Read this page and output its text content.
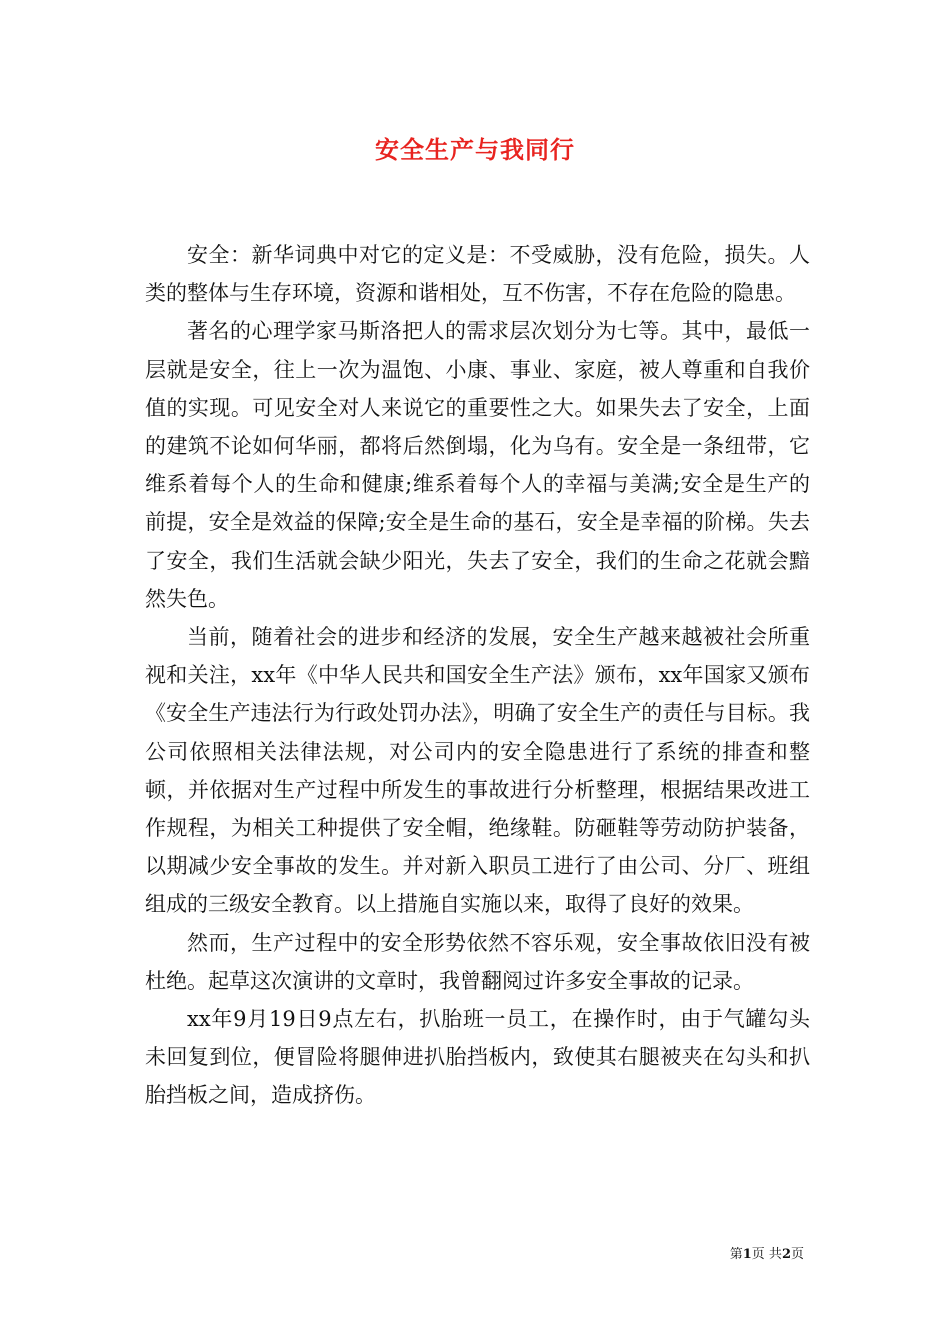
安全生产与我同行

安全：新华词典中对它的定义是：不受威胁，没有危险，损失。人类的整体与生存环境，资源和谐相处，互不伤害，不存在危险的隐患。

著名的心理学家马斯洛把人的需求层次划分为七等。其中，最低一层就是安全，往上一次为温饱、小康、事业、家庭，被人尊重和自我价值的实现。可见安全对人来说它的重要性之大。如果失去了安全，上面的建筑不论如何华丽，都将后然倒塌，化为乌有。安全是一条纽带，它维系着每个人的生命和健康;维系着每个人的幸福与美满;安全是生产的前提，安全是效益的保障;安全是生命的基石，安全是幸福的阶梯。失去了安全，我们生活就会缺少阳光，失去了安全，我们的生命之花就会黯然失色。

当前，随着社会的进步和经济的发展，安全生产越来越被社会所重视和关注，xx年《中华人民共和国安全生产法》颁布，xx年国家又颁布《安全生产违法行为行政处罚办法》，明确了安全生产的责任与目标。我公司依照相关法律法规，对公司内的安全隐患进行了系统的排查和整顿，并依据对生产过程中所发生的事故进行分析整理，根据结果改进工作规程，为相关工种提供了安全帽，绝缘鞋。防砸鞋等劳动防护装备，以期减少安全事故的发生。并对新入职员工进行了由公司、分厂、班组组成的三级安全教育。以上措施自实施以来，取得了良好的效果。

然而，生产过程中的安全形势依然不容乐观，安全事故依旧没有被杜绝。起草这次演讲的文章时，我曾翻阅过许多安全事故的记录。

xx年9月19日9点左右，扒胎班一员工，在操作时，由于气罐勾头未回复到位，便冒险将腿伸进扒胎挡板内，致使其右腿被夹在勾头和扒胎挡板之间，造成挤伤。

第1页 共2页
